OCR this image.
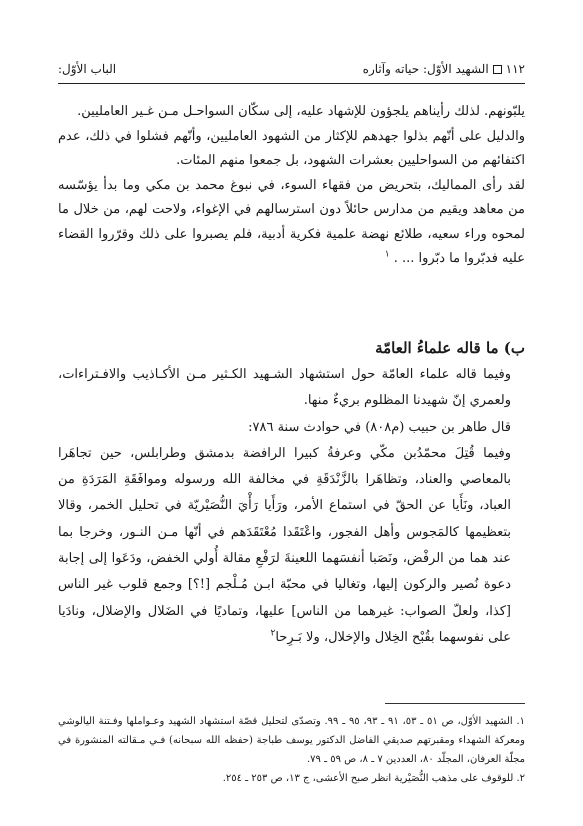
١١٢الشهيد الأوّل: حياته وآثاره
الباب الأوّل:

يلبّونهم. لذلك رأيناهم يلجؤون للإشهاد عليه، إلى سكّان السواحـل مـن غـير العامليين.

والدليل على أنّهم بذلوا جهدهم للإكثار من الشهود العامليين، وأنّهم فشلوا في ذلك، عدم اكتفائهم من السواحليين بعشرات الشهود، بل جمعوا منهم المئات.

لقد رأى المماليك، بتحريض من فقهاء السوء، في نبوغ محمد بن مكي وما بدأ يؤسّسه من معاهد ويقيم من مدارس حائلاً دون استرسالهم في الإغواء، ولاحت لهم، من خلال ما لمحوه وراء سعيه، طلائع نهضة علمية فكرية أدبية، فلم يصبروا على ذلك وقرّروا القضاء عليه فدبّروا ما دبّروا ... . $^١$

ب) ما قاله علماءُ العامّة

وفيما قاله علماء العامّة حول استشهاد الشـهيد الكـثير مـن الأكـاذيب والافـتراءات، ولعمري إنّ شهيدنا المظلوم بريءٌ منها.

قال طاهر بن حبيب (م٨٠٨) في حوادث سنة ٧٨٦:

وفيما قُتِلَ محمّدُبن مكّي وعرفةُ كبيرا الرافضة بدمشق وطرابلس، حين تجاهَرا بالمعاصي والعناد، وتظاهَرا بالزَّنْدَقَةِ في مخالفة الله ورسوله وموافَقَةِ المَرَدَةِ من العباد، ونَأَيا عن الحقّ في استماع الأمر، ورَأَيا رَأْيَ النُّصَيْريّة في تحليل الخمر، وقالا بتعظيمها كالمَجوس وأهل الفجور، واعْتَقَدا مُعْتَقَدَهم في أنّها مـن النـور، وخرجا بما عند هما من الرفْض، ونَصَبا أنفسَهما اللعينةَ لرَفْعِ مقالة أُولي الخفض، ودَعَوا إلى إجابة دعوة نُصير والركون إليها، وتغاليا في محبّة ابـن مُـلْجم [!؟] وجمع قلوب غير الناس [كذا، ولعلّ الصواب: غيرهما من الناس] عليها، وتماديًا في الضَلال والإضلال، ونادَيا على نفوسهما بقُبْح الخِلال والإخلال، ولا بَـرِحا$^٢$

١. الشهيد الأوّل، ص ٥١ ـ ٥٣، ٩١ ـ ٩٣، ٩٥ ـ ٩٩. وتصدّى لتحليل قصّة استشهاد الشهيد وعـواملها وفـتنة اليالوشي ومعركة الشهداء ومقبرتهم صديقي الفاضل الدكتور يوسف طباجة (حفظه الله سبحانه) فـي مـقالته المنشورة في مجلّة العرفان، المجلّد ٨٠، العددين ٧ ـ ٨، ص ٥٩ ـ ٧٩.

٢. للوقوف على مذهب النُّصَيْرية انظر صبح الأعشى، ج ١٣، ص ٢٥٣ ـ ٢٥٤.
